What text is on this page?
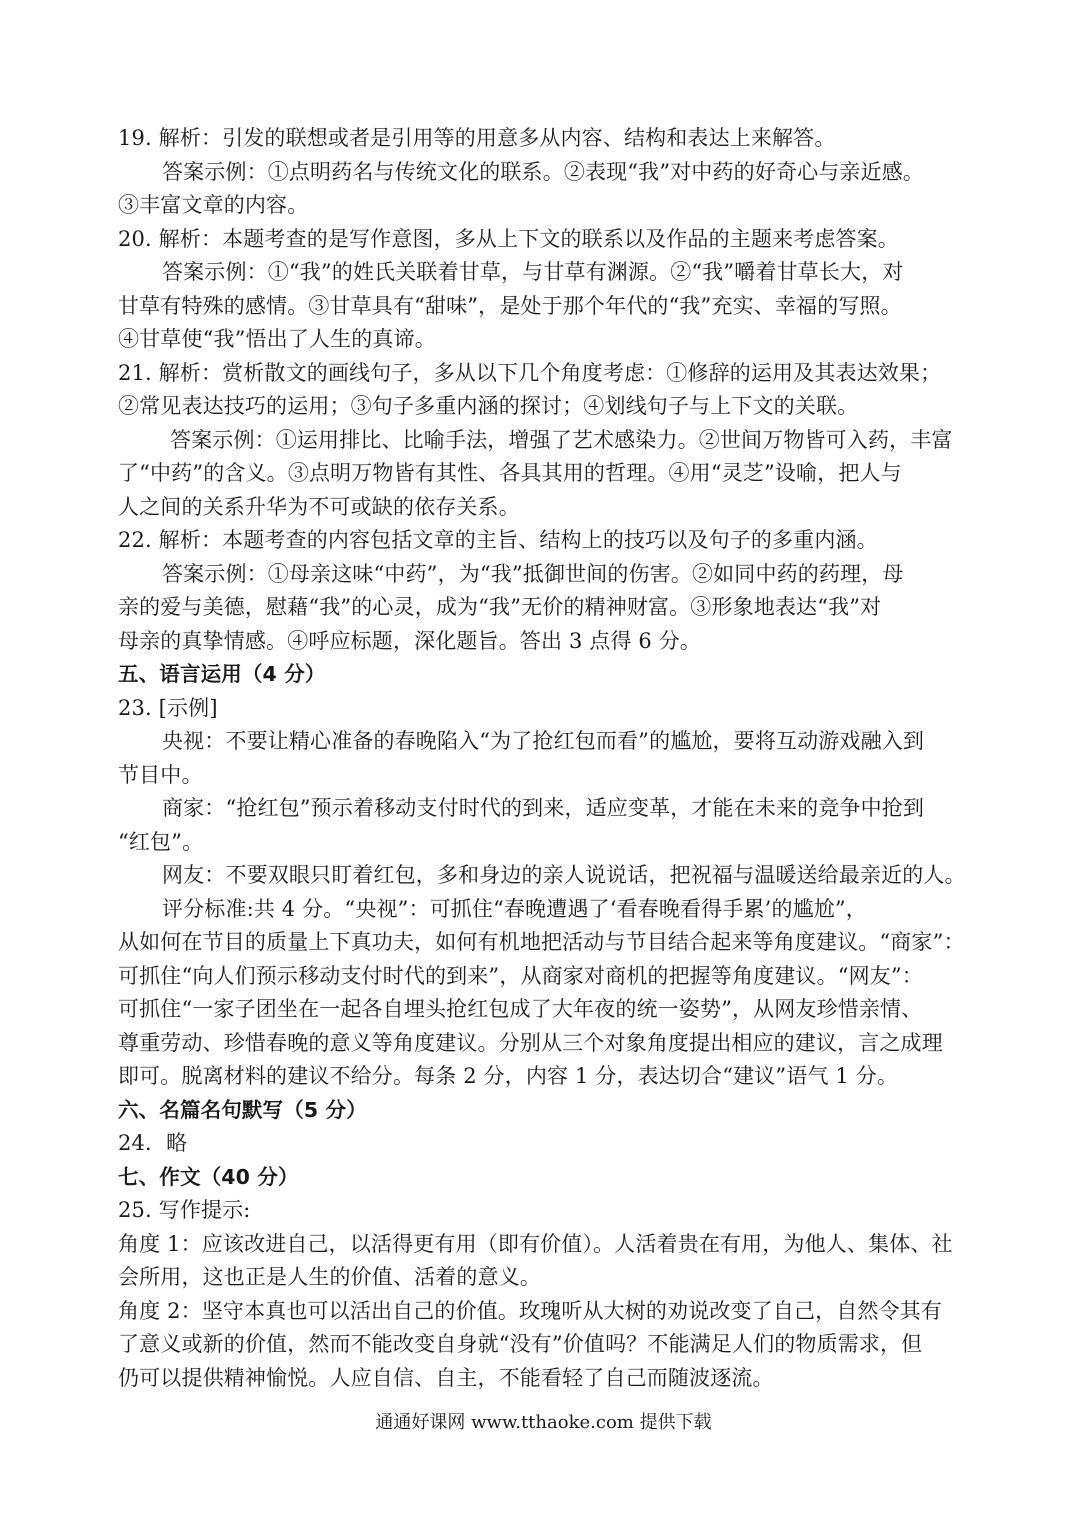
19. 解析：引发的联想或者是引用等的用意多从内容、结构和表达上来解答。
答案示例：①点明药名与传统文化的联系。②表现“我”对中药的好奇心与亲近感。
③丰富文章的内容。
20. 解析：本题考查的是写作意图，多从上下文的联系以及作品的主题来考虑答案。
答案示例：①“我”的姓氏关联着甘草，与甘草有渊源。②“我”嚼着甘草长大，对
甘草有特殊的感情。③甘草具有“甜味”，是处于那个年代的“我”充实、幸福的写照。
④甘草使“我”悟出了人生的真谛。
21. 解析：赏析散文的画线句子，多从以下几个角度考虑：①修辞的运用及其表达效果；
②常见表达技巧的运用；③句子多重内涵的探讨；④划线句子与上下文的关联。
答案示例：①运用排比、比喻手法，增强了艺术感染力。②世间万物皆可入药，丰富
了“中药”的含义。③点明万物皆有其性、各具其用的哲理。④用“灵芝”设喻，把人与
人之间的关系升华为不可或缺的依存关系。
22. 解析：本题考查的内容包括文章的主旨、结构上的技巧以及句子的多重内涵。
答案示例：①母亲这味“中药”，为“我”抵御世间的伤害。②如同中药的药理，母
亲的爱与美德，慰藉“我”的心灵，成为“我”无价的精神财富。③形象地表达“我”对
母亲的真挚情感。④呼应标题，深化题旨。答出 3 点得 6 分。
五、语言运用（4 分）
23. [示例]
央视：不要让精心准备的春晚陷入“为了抢红包而看”的尴尬，要将互动游戏融入到
节目中。
商家：“抢红包”预示着移动支付时代的到来，适应变革，才能在未来的竞争中抢到
“红包”。
网友：不要双眼只盯着红包，多和身边的亲人说说话，把祝福与温暖送给最亲近的人。
评分标准:共 4 分。“央视”：可抓住“春晚遭遇了‘看春晚看得手累’的尴尬”，
从如何在节目的质量上下真功夫，如何有机地把活动与节目结合起来等角度建议。“商家”：
可抓住“向人们预示移动支付时代的到来”，从商家对商机的把握等角度建议。“网友”：
可抓住“一家子团坐在一起各自埋头抢红包成了大年夜的统一姿势”，从网友珍惜亲情、
尊重劳动、珍惜春晚的意义等角度建议。分别从三个对象角度提出相应的建议，言之成理
即可。脱离材料的建议不给分。每条 2 分，内容 1 分，表达切合“建议”语气 1 分。
六、名篇名句默写（5 分）
24．略
七、作文（40 分）
25. 写作提示:
角度 1：应该改进自己，以活得更有用（即有价值）。人活着贵在有用，为他人、集体、社
会所用，这也正是人生的价值、活着的意义。
角度 2：坚守本真也可以活出自己的价值。玫瑰听从大树的劝说改变了自己，自然令其有
了意义或新的价值，然而不能改变自身就“没有”价值吗？不能满足人们的物质需求，但
仍可以提供精神愉悦。人应自信、自主，不能看轻了自己而随波逐流。
通通好课网 www.tthaoke.com 提供下载
